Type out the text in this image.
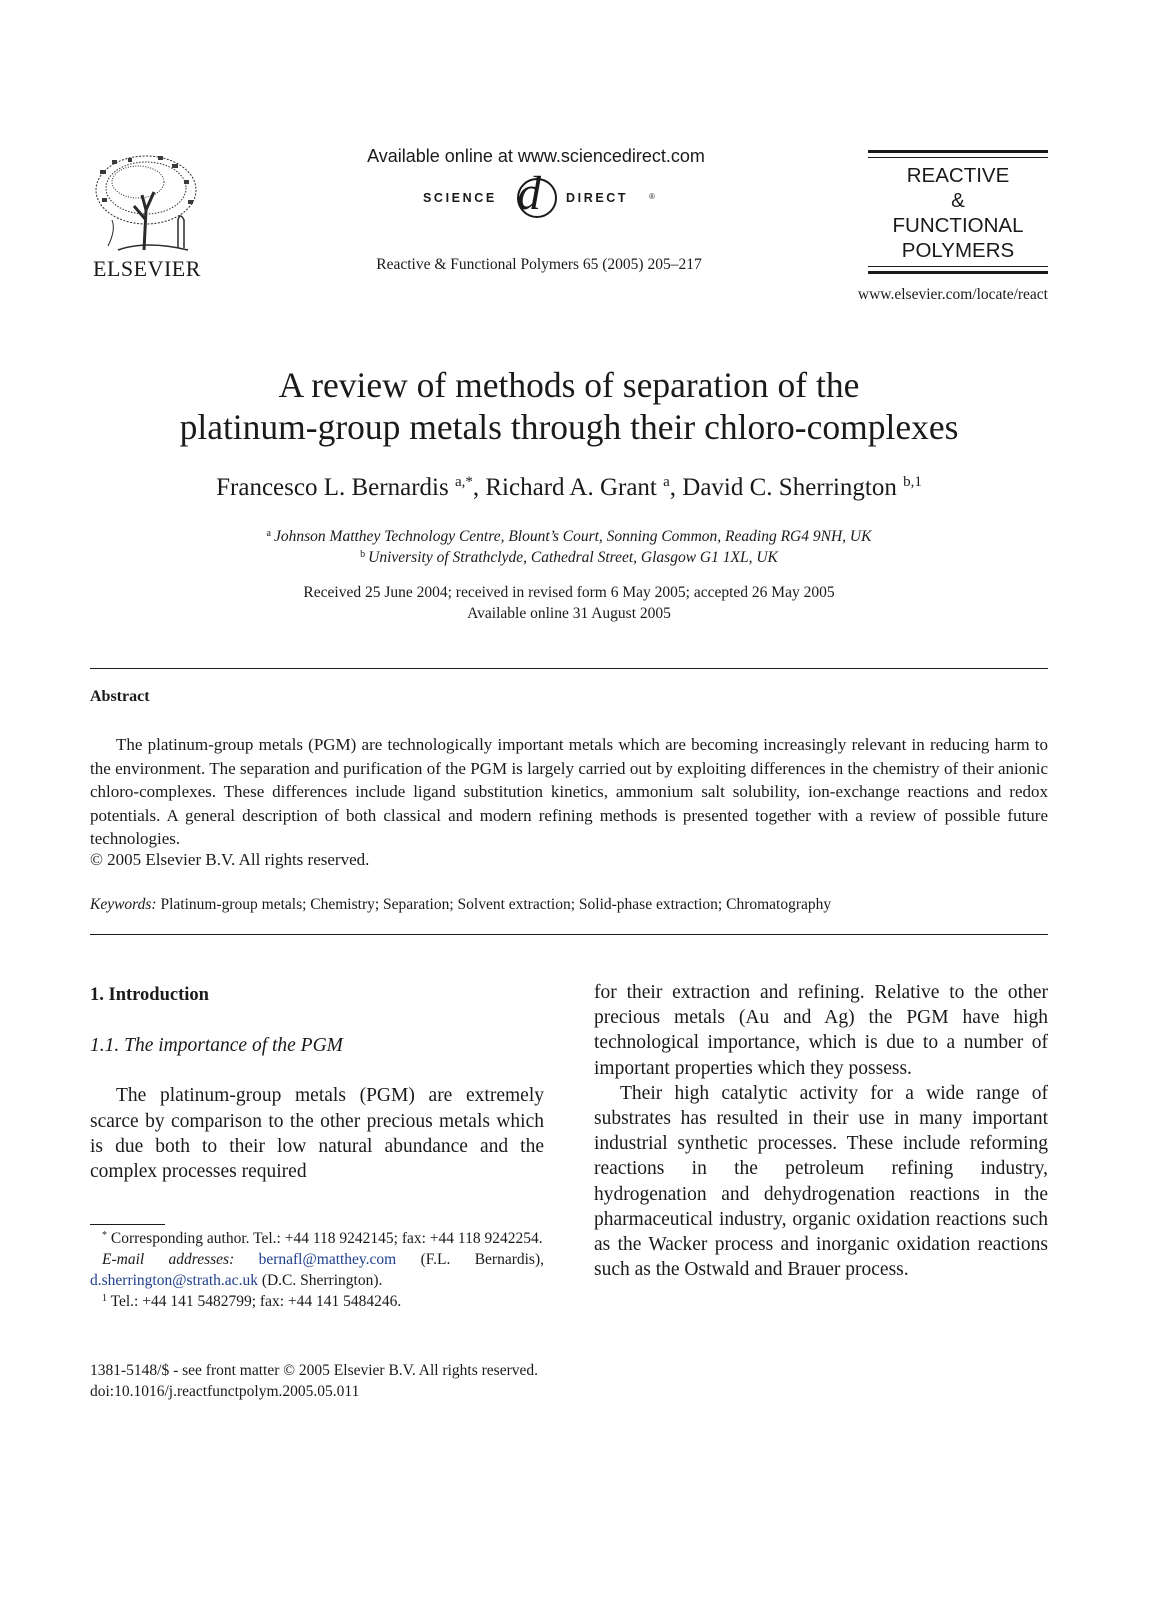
ELSEVIER
Available online at www.sciencedirect.com
SCIENCE d DIRECT	®
Reactive & Functional Polymers 65 (2005) 205–217
REACTIVE
&
FUNCTIONAL
POLYMERS
www.elsevier.com/locate/react
A review of methods of separation of the
platinum-group metals through their chloro-complexes
Francesco L. Bernardis $^{a,*}$, Richard A. Grant $^a$, David C. Sherrington $^{b,1}$
$^a$ Johnson Matthey Technology Centre, Blount’s Court, Sonning Common, Reading RG4 9NH, UK
$^b$ University of Strathclyde, Cathedral Street, Glasgow G1 1XL, UK
Received 25 June 2004; received in revised form 6 May 2005; accepted 26 May 2005
Available online 31 August 2005
Abstract
The platinum-group metals (PGM) are technologically important metals which are becoming increasingly relevant in reducing harm to the environment. The separation and purification of the PGM is largely carried out by exploiting differences in the chemistry of their anionic chloro-complexes. These differences include ligand substitution kinetics, ammonium salt solubility, ion-exchange reactions and redox potentials. A general description of both classical and modern refining methods is presented together with a review of possible future technologies.
© 2005 Elsevier B.V. All rights reserved.
Keywords: Platinum-group metals; Chemistry; Separation; Solvent extraction; Solid-phase extraction; Chromatography
1. Introduction
1.1. The importance of the PGM

The platinum-group metals (PGM) are extremely scarce by comparison to the other precious metals which is due both to their low natural abundance and the complex processes required

for their extraction and refining. Relative to the other precious metals (Au and Ag) the PGM have high technological importance, which is due to a number of important properties which they possess.

Their high catalytic activity for a wide range of substrates has resulted in their use in many important industrial synthetic processes. These include reforming reactions in the petroleum refining industry, hydrogenation and dehydrogenation reactions in the pharmaceutical industry, organic oxidation reactions such as the Wacker process and inorganic oxidation reactions such as the Ostwald and Brauer process.

* Corresponding author. Tel.: +44 118 9242145; fax: +44 118 9242254.

E-mail addresses: bernafl@matthey.com (F.L. Bernardis), d.sherrington@strath.ac.uk (D.C. Sherrington).

$^1$ Tel.: +44 141 5482799; fax: +44 141 5484246.

1381-5148/$ - see front matter © 2005 Elsevier B.V. All rights reserved.
doi:10.1016/j.reactfunctpolym.2005.05.011
